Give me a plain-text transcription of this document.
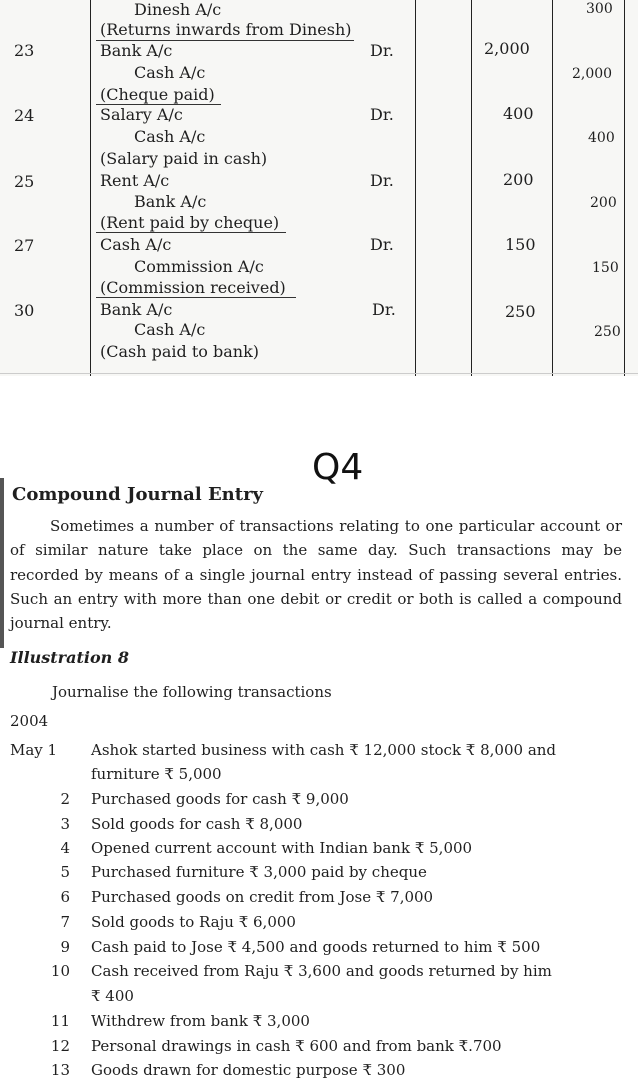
Dinesh A/c	300
(Returns inwards from Dinesh)
23	Bank A/c	Dr.	2,000
Cash A/c	2,000
(Cheque paid)
24	Salary A/c	Dr.	400
Cash A/c	400
(Salary paid in cash)
25	Rent A/c	Dr.	200
Bank A/c	200
(Rent paid by cheque)
27	Cash A/c	Dr.	150
Commission A/c	150
(Commission received)
30	Bank A/c	Dr.	250
Cash A/c	250
(Cash paid to bank)
Q4
Compound Journal Entry
Sometimes a number of transactions relating to one particular account or of similar nature take place on the same day. Such transactions may be recorded by means of a single journal entry instead of passing several entries. Such an entry with more than one debit or credit or both is called a compound journal entry.
Illustration 8
Journalise the following transactions
2004
May 1	Ashok started business with cash ₹ 12,000 stock ₹ 8,000 and
furniture ₹ 5,000
2 Purchased goods for cash ₹ 9,000
3 Sold goods for cash ₹ 8,000
4 Opened current account with Indian bank ₹ 5,000
5 Purchased furniture ₹ 3,000 paid by cheque
6 Purchased goods on credit from Jose ₹ 7,000
7 Sold goods to Raju ₹ 6,000
9 Cash paid to Jose ₹ 4,500 and goods returned to him ₹ 500
10 Cash received from Raju ₹ 3,600 and goods returned by him
₹ 400
11 Withdrew from bank ₹ 3,000
12 Personal drawings in cash ₹ 600 and from bank ₹.700
13 Goods drawn for domestic purpose ₹ 300
